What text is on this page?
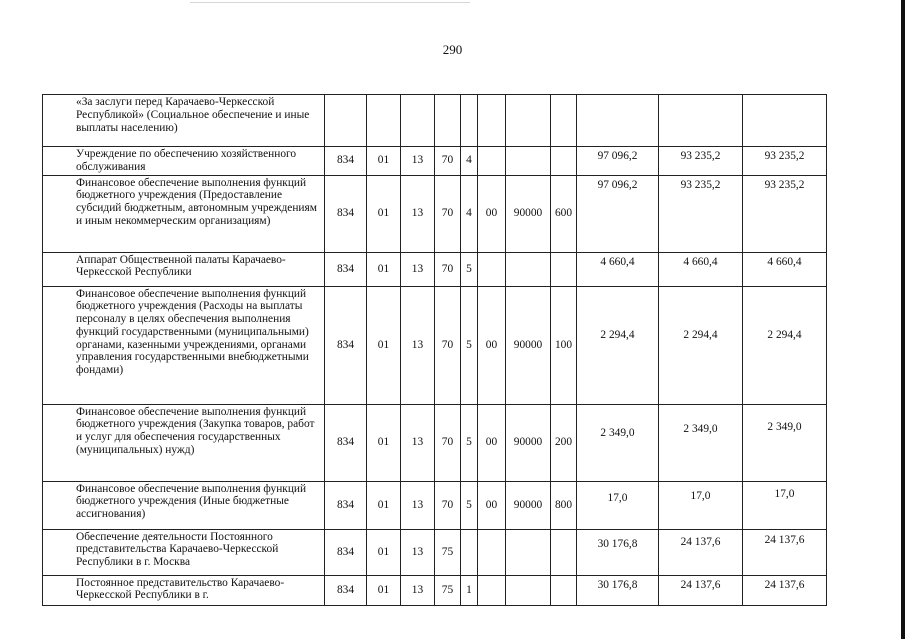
290
«За заслуги перед Карачаево-Черкесской Республикой» (Социальное обеспечение и иные выплаты населению)											
Учреждение по обеспечению хозяйственного обслуживания	834	01	13	70	4				97 096,2	93 235,2	93 235,2
Финансовое обеспечение выполнения функций бюджетного учреждения (Предоставление субсидий бюджетным, автономным учреждениям и иным некоммерческим организациям)	834	01	13	70	4	00	90000	600	97 096,2	93 235,2	93 235,2
Аппарат Общественной палаты Карачаево-Черкесской Республики	834	01	13	70	5				4 660,4	4 660,4	4 660,4
Финансовое обеспечение выполнения функций бюджетного учреждения (Расходы на выплаты персоналу в целях обеспечения выполнения функций государственными (муниципальными) органами, казенными учреждениями, органами управления государственными внебюджетными фондами)	834	01	13	70	5	00	90000	100	2 294,4	2 294,4	2 294,4
Финансовое обеспечение выполнения функций бюджетного учреждения (Закупка товаров, работ и услуг для обеспечения государственных (муниципальных) нужд)	834	01	13	70	5	00	90000	200	2 349,0	2 349,0	2 349,0
Финансовое обеспечение выполнения функций бюджетного учреждения (Иные бюджетные ассигнования)	834	01	13	70	5	00	90000	800	17,0	17,0	17,0
Обеспечение деятельности Постоянного представительства Карачаево-Черкесской Республики в г. Москва	834	01	13	75					30 176,8	24 137,6	24 137,6
Постоянное представительство Карачаево-Черкесской Республики в г.	834	01	13	75	1				30 176,8	24 137,6	24 137,6
